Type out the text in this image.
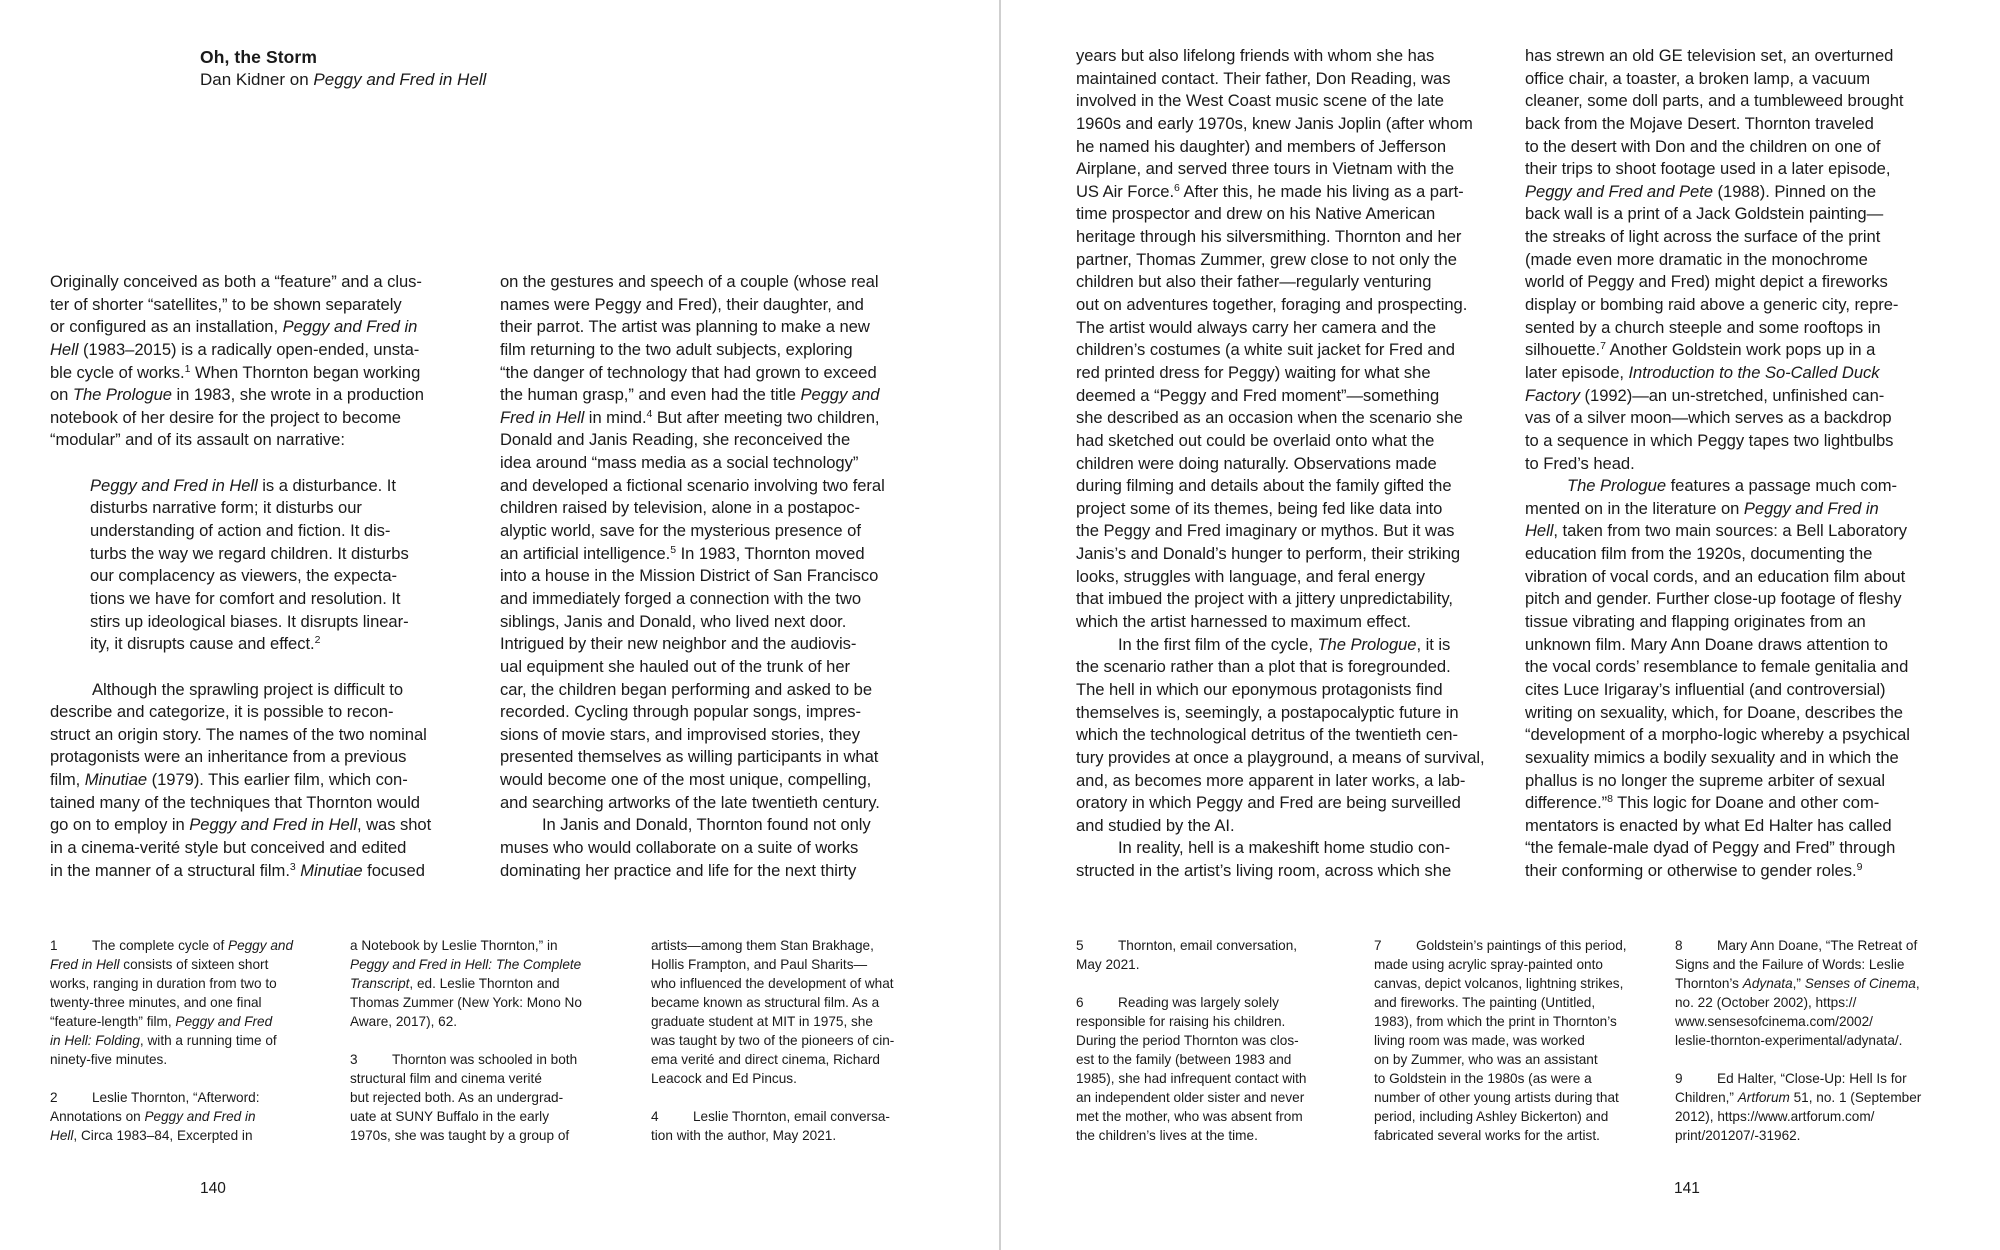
Oh, the Storm
Dan Kidner on Peggy and Fred in Hell
Originally conceived as both a “feature” and a clus-
ter of shorter “satellites,” to be shown separately
or configured as an installation, Peggy and Fred in
Hell (1983–2015) is a radically open-ended, unsta-
ble cycle of works.$^1$ When Thornton began working
on The Prologue in 1983, she wrote in a production
notebook of her desire for the project to become
“modular” and of its assault on narrative:
Peggy and Fred in Hell is a disturbance. It
disturbs narrative form; it disturbs our
understanding of action and fiction. It dis-
turbs the way we regard children. It disturbs
our complacency as viewers, the expecta-
tions we have for comfort and resolution. It
stirs up ideological biases. It disrupts linear-
ity, it disrupts cause and effect.$^2$
Although the sprawling project is difficult to
describe and categorize, it is possible to recon-
struct an origin story. The names of the two nominal
protagonists were an inheritance from a previous
film, Minutiae (1979). This earlier film, which con-
tained many of the techniques that Thornton would
go on to employ in Peggy and Fred in Hell, was shot
in a cinema-verité style but conceived and edited
in the manner of a structural film.$^3$ Minutiae focused
on the gestures and speech of a couple (whose real
names were Peggy and Fred), their daughter, and
their parrot. The artist was planning to make a new
film returning to the two adult subjects, exploring
“the danger of technology that had grown to exceed
the human grasp,” and even had the title Peggy and
Fred in Hell in mind.$^4$ But after meeting two children,
Donald and Janis Reading, she reconceived the
idea around “mass media as a social technology”
and developed a fictional scenario involving two feral
children raised by television, alone in a postapoc-
alyptic world, save for the mysterious presence of
an artificial intelligence.$^5$ In 1983, Thornton moved
into a house in the Mission District of San Francisco
and immediately forged a connection with the two
siblings, Janis and Donald, who lived next door.
Intrigued by their new neighbor and the audiovis-
ual equipment she hauled out of the trunk of her
car, the children began performing and asked to be
recorded. Cycling through popular songs, impres-
sions of movie stars, and improvised stories, they
presented themselves as willing participants in what
would become one of the most unique, compelling,
and searching artworks of the late twentieth century.
In Janis and Donald, Thornton found not only
muses who would collaborate on a suite of works
dominating her practice and life for the next thirty
1	The complete cycle of Peggy and
Fred in Hell consists of sixteen short
works, ranging in duration from two to
twenty-three minutes, and one final
“feature-length” film, Peggy and Fred
in Hell: Folding, with a running time of
ninety-five minutes.
2	Leslie Thornton, “Afterword:
Annotations on Peggy and Fred in
Hell, Circa 1983–84, Excerpted in
a Notebook by Leslie Thornton,” in
Peggy and Fred in Hell: The Complete
Transcript, ed. Leslie Thornton and
Thomas Zummer (New York: Mono No
Aware, 2017), 62.
3	Thornton was schooled in both
structural film and cinema verité
but rejected both. As an undergrad-
uate at SUNY Buffalo in the early
1970s, she was taught by a group of
artists—among them Stan Brakhage,
Hollis Frampton, and Paul Sharits—
who influenced the development of what
became known as structural film. As a
graduate student at MIT in 1975, she
was taught by two of the pioneers of cin-
ema verité and direct cinema, Richard
Leacock and Ed Pincus.
4	Leslie Thornton, email conversa-
tion with the author, May 2021.
140
years but also lifelong friends with whom she has
maintained contact. Their father, Don Reading, was
involved in the West Coast music scene of the late
1960s and early 1970s, knew Janis Joplin (after whom
he named his daughter) and members of Jefferson
Airplane, and served three tours in Vietnam with the
US Air Force.$^6$ After this, he made his living as a part-
time prospector and drew on his Native American
heritage through his silversmithing. Thornton and her
partner, Thomas Zummer, grew close to not only the
children but also their father—regularly venturing
out on adventures together, foraging and prospecting.
The artist would always carry her camera and the
children’s costumes (a white suit jacket for Fred and
red printed dress for Peggy) waiting for what she
deemed a “Peggy and Fred moment”—something
she described as an occasion when the scenario she
had sketched out could be overlaid onto what the
children were doing naturally. Observations made
during filming and details about the family gifted the
project some of its themes, being fed like data into
the Peggy and Fred imaginary or mythos. But it was
Janis’s and Donald’s hunger to perform, their striking
looks, struggles with language, and feral energy
that imbued the project with a jittery unpredictability,
which the artist harnessed to maximum effect.
In the first film of the cycle, The Prologue, it is
the scenario rather than a plot that is foregrounded.
The hell in which our eponymous protagonists find
themselves is, seemingly, a postapocalyptic future in
which the technological detritus of the twentieth cen-
tury provides at once a playground, a means of survival,
and, as becomes more apparent in later works, a lab-
oratory in which Peggy and Fred are being surveilled
and studied by the AI.
In reality, hell is a makeshift home studio con-
structed in the artist’s living room, across which she
has strewn an old GE television set, an overturned
office chair, a toaster, a broken lamp, a vacuum
cleaner, some doll parts, and a tumbleweed brought
back from the Mojave Desert. Thornton traveled
to the desert with Don and the children on one of
their trips to shoot footage used in a later episode,
Peggy and Fred and Pete (1988). Pinned on the
back wall is a print of a Jack Goldstein painting—
the streaks of light across the surface of the print
(made even more dramatic in the monochrome
world of Peggy and Fred) might depict a fireworks
display or bombing raid above a generic city, repre-
sented by a church steeple and some rooftops in
silhouette.$^7$ Another Goldstein work pops up in a
later episode, Introduction to the So-Called Duck
Factory (1992)—an un-stretched, unfinished can-
vas of a silver moon—which serves as a backdrop
to a sequence in which Peggy tapes two lightbulbs
to Fred’s head.
The Prologue features a passage much com-
mented on in the literature on Peggy and Fred in
Hell, taken from two main sources: a Bell Laboratory
education film from the 1920s, documenting the
vibration of vocal cords, and an education film about
pitch and gender. Further close-up footage of fleshy
tissue vibrating and flapping originates from an
unknown film. Mary Ann Doane draws attention to
the vocal cords’ resemblance to female genitalia and
cites Luce Irigaray’s influential (and controversial)
writing on sexuality, which, for Doane, describes the
“development of a morpho-logic whereby a psychical
sexuality mimics a bodily sexuality and in which the
phallus is no longer the supreme arbiter of sexual
difference.”$^8$ This logic for Doane and other com-
mentators is enacted by what Ed Halter has called
“the female-male dyad of Peggy and Fred” through
their conforming or otherwise to gender roles.$^9$
5	Thornton, email conversation,
May 2021.
6	Reading was largely solely
responsible for raising his children.
During the period Thornton was clos-
est to the family (between 1983 and
1985), she had infrequent contact with
an independent older sister and never
met the mother, who was absent from
the children’s lives at the time.
7	Goldstein’s paintings of this period,
made using acrylic spray-painted onto
canvas, depict volcanos, lightning strikes,
and fireworks. The painting (Untitled,
1983), from which the print in Thornton’s
living room was made, was worked
on by Zummer, who was an assistant
to Goldstein in the 1980s (as were a
number of other young artists during that
period, including Ashley Bickerton) and
fabricated several works for the artist.
8	Mary Ann Doane, “The Retreat of
Signs and the Failure of Words: Leslie
Thornton’s Adynata,” Senses of Cinema,
no. 22 (October 2002), https://
www.sensesofcinema.com/2002/
leslie-thornton-experimental/adynata/.
9	Ed Halter, “Close-Up: Hell Is for
Children,” Artforum 51, no. 1 (September
2012), https://www.artforum.com/
print/201207/-31962.
141
